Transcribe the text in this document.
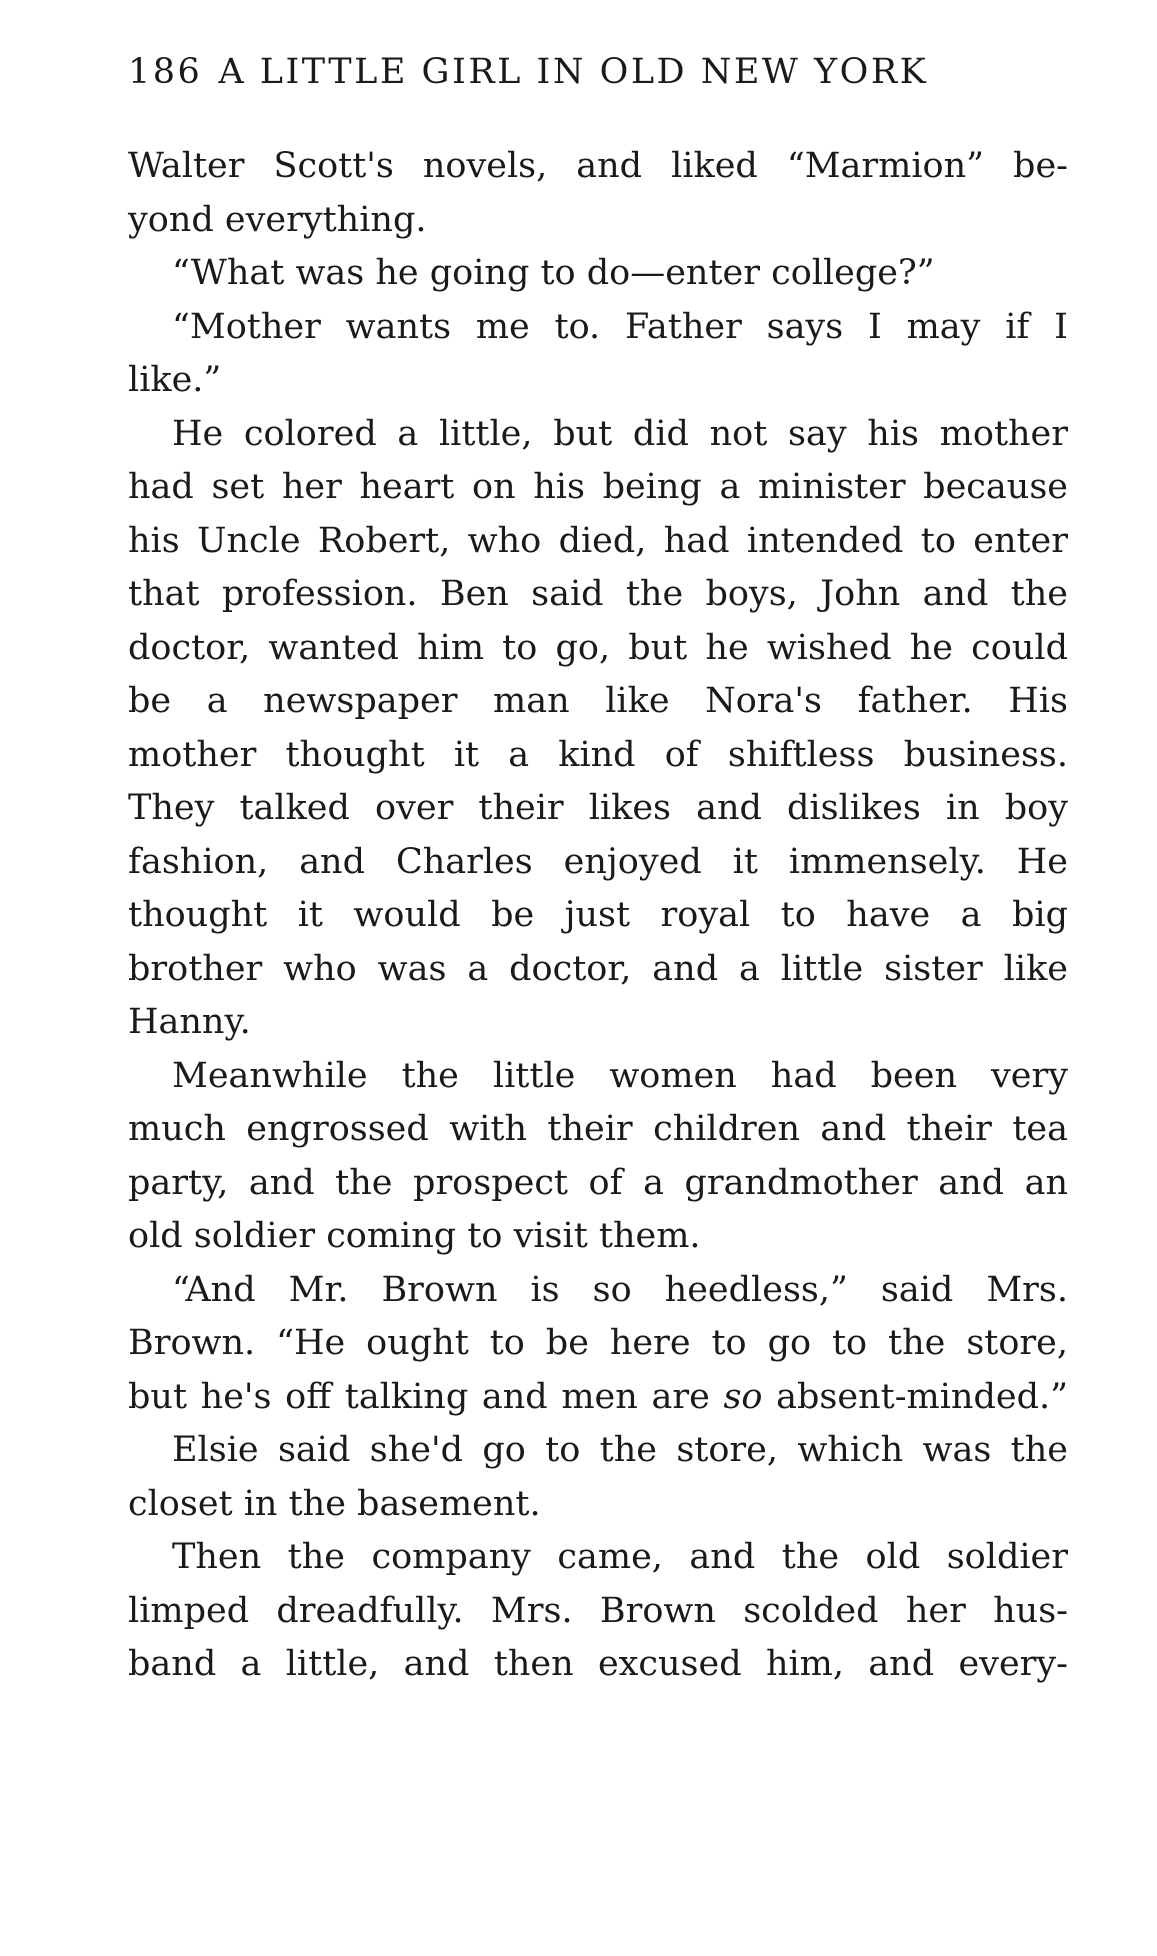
186 A LITTLE GIRL IN OLD NEW YORK
Walter Scott's novels, and liked “Marmion” be-
yond everything.
“What was he going to do—enter college?”
“Mother wants me to. Father says I may if I
like.”
He colored a little, but did not say his mother
had set her heart on his being a minister because
his Uncle Robert, who died, had intended to enter
that profession. Ben said the boys, John and the
doctor, wanted him to go, but he wished he could
be a newspaper man like Nora's father. His
mother thought it a kind of shiftless business.
They talked over their likes and dislikes in boy
fashion, and Charles enjoyed it immensely. He
thought it would be just royal to have a big
brother who was a doctor, and a little sister like
Hanny.
Meanwhile the little women had been very
much engrossed with their children and their tea
party, and the prospect of a grandmother and an
old soldier coming to visit them.
“And Mr. Brown is so heedless,” said Mrs.
Brown. “He ought to be here to go to the store,
but he's off talking and men are so absent-minded.”
Elsie said she'd go to the store, which was the
closet in the basement.
Then the company came, and the old soldier
limped dreadfully. Mrs. Brown scolded her hus-
band a little, and then excused him, and every-
